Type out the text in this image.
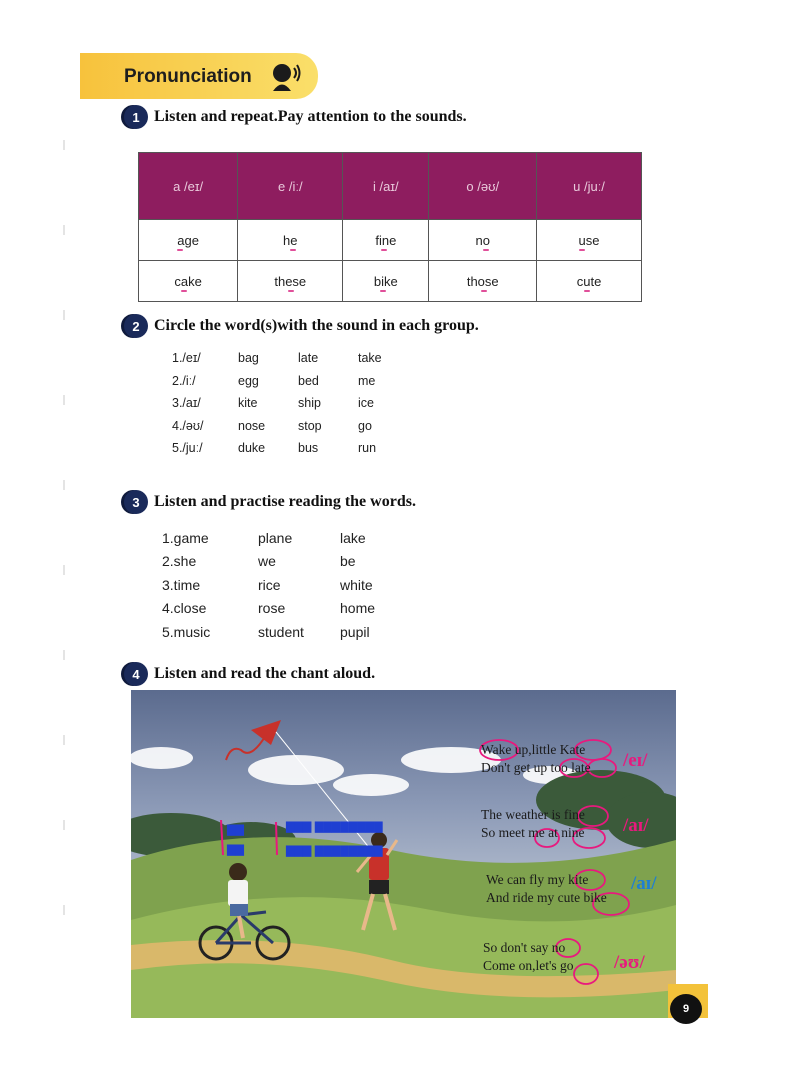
Pronunciation
1 Listen and repeat.Pay attention to the sounds.
a /eɪ/	e /iː/	i /aɪ/	o /əʊ/	u /juː/
age	he	fine	no	use

cake	these	bike	those	cute
2 Circle the word(s)with the sound in each group.
1./eɪ/	bag	late	take
2./iː/	egg	bed	me
3./aɪ/	kite	ship	ice
4./əʊ/	nose	stop	go
5./juː/	duke	bus	run
3 Listen and practise reading the words.
1.game	plane	lake
2.she	we	be
3.time	rice	white
4.close	rose	home
5.music	student	pupil
4 Listen and read the chant aloud.
▇▇
▇▇
▇▇▇ ▇▇▇▇▇▇▇▇
▇▇▇ ▇▇▇▇▇▇▇▇
Wake up,little Kate
Don't get up too late
The weather is fine
So meet me at nine
We can fly my kite
And ride my cute bike
So don't say no
Come on,let's go
/eɪ/
/aɪ/
/aɪ/
/əʊ/
9
